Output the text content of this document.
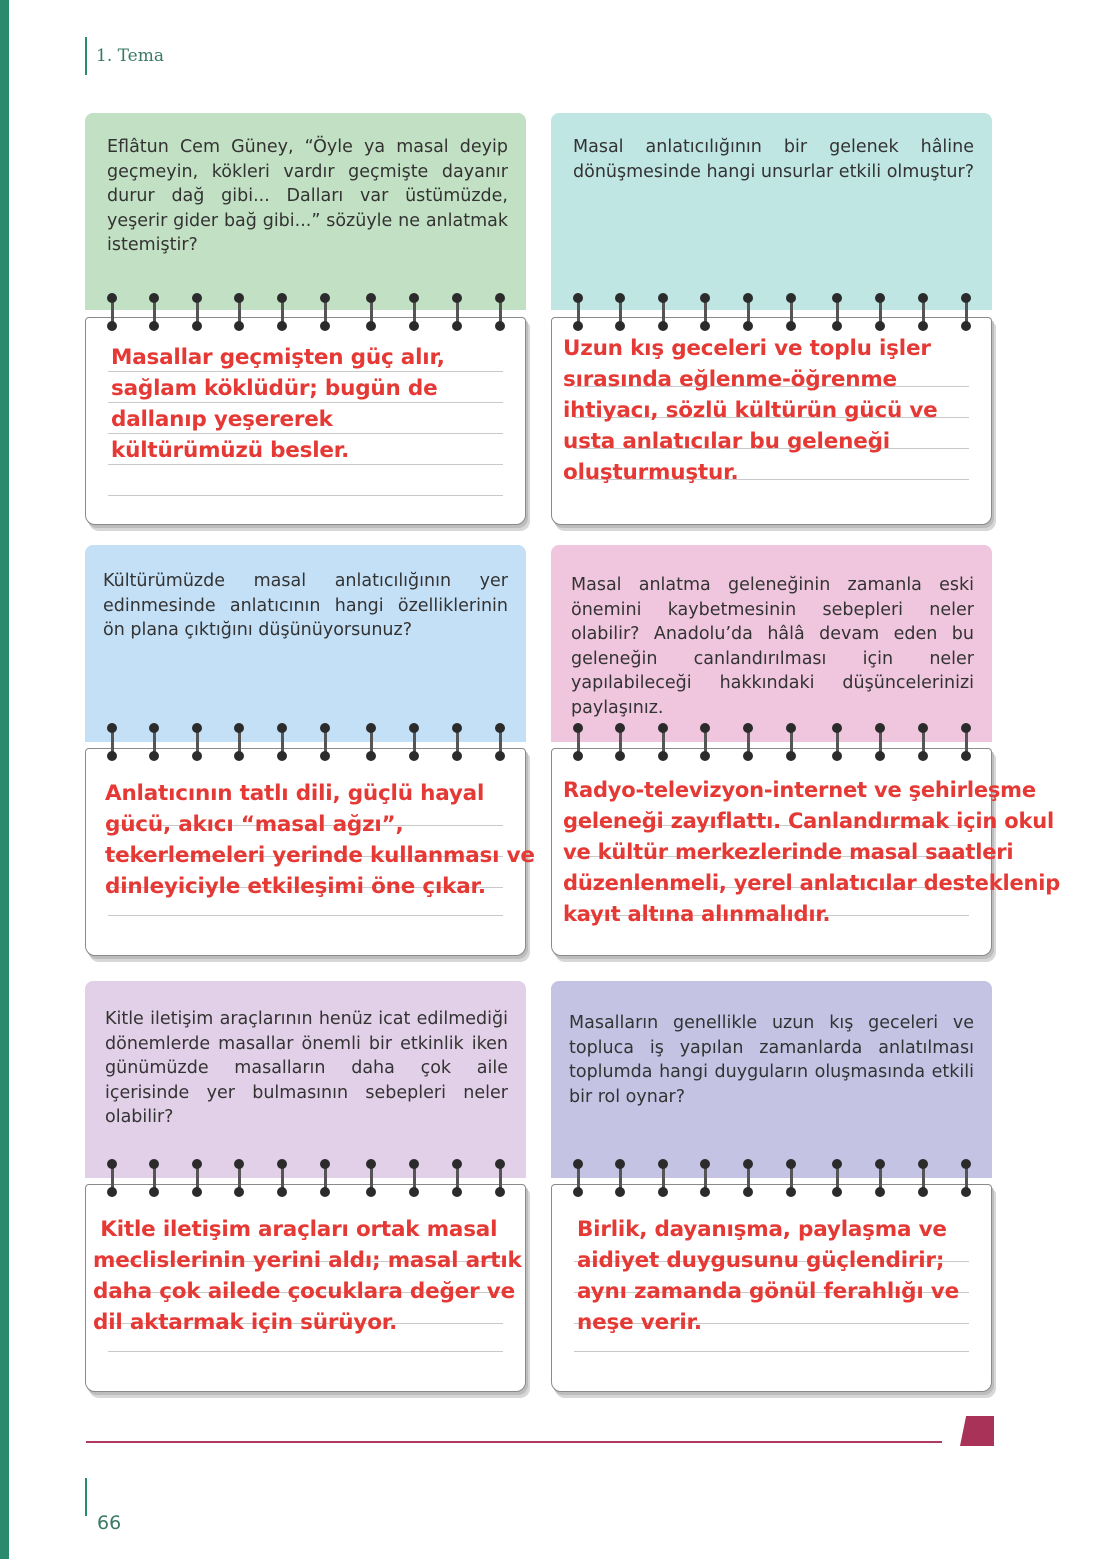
1. Tema
Eflâtun Cem Güney, “Öyle ya masal deyip geçmeyin, kökleri vardır geçmişte dayanır durur dağ gibi... Dalları var üstümüzde, yeşerir gider bağ gibi...” sözüyle ne anlatmak istemiştir?
Masallar geçmişten güç alır,
sağlam köklüdür; bugün de
dallanıp yeşererek
kültürümüzü besler.
Masal anlatıcılığının bir gelenek hâline dönüşmesinde hangi unsurlar etkili olmuştur?
Uzun kış geceleri ve toplu işler
sırasında eğlenme-öğrenme
ihtiyacı, sözlü kültürün gücü ve
usta anlatıcılar bu geleneği
oluşturmuştur.
Kültürümüzde masal anlatıcılığının yer edinmesinde anlatıcının hangi özelliklerinin ön plana çıktığını düşünüyorsunuz?
Anlatıcının tatlı dili, güçlü hayal
gücü, akıcı “masal ağzı”,
tekerlemeleri yerinde kullanması ve
dinleyiciyle etkileşimi öne çıkar.
Masal anlatma geleneğinin zamanla eski önemini kaybetmesinin sebepleri neler olabilir? Anadolu’da hâlâ devam eden bu geleneğin canlandırılması için neler yapılabileceği hakkındaki düşüncelerinizi paylaşınız.
Radyo-televizyon-internet ve şehirleşme
geleneği zayıflattı. Canlandırmak için okul
ve kültür merkezlerinde masal saatleri
düzenlenmeli, yerel anlatıcılar desteklenip
kayıt altına alınmalıdır.
Kitle iletişim araçlarının henüz icat edilmediği dönemlerde masallar önemli bir etkinlik iken günümüzde masalların daha çok aile içerisinde yer bulmasının sebepleri neler olabilir?
Kitle iletişim araçları ortak masal
meclislerinin yerini aldı; masal artık
daha çok ailede çocuklara değer ve
dil aktarmak için sürüyor.
Masalların genellikle uzun kış geceleri ve topluca iş yapılan zamanlarda anlatılması toplumda hangi duyguların oluşmasında etkili bir rol oynar?
Birlik, dayanışma, paylaşma ve
aidiyet duygusunu güçlendirir;
aynı zamanda gönül ferahlığı ve
neşe verir.
66
